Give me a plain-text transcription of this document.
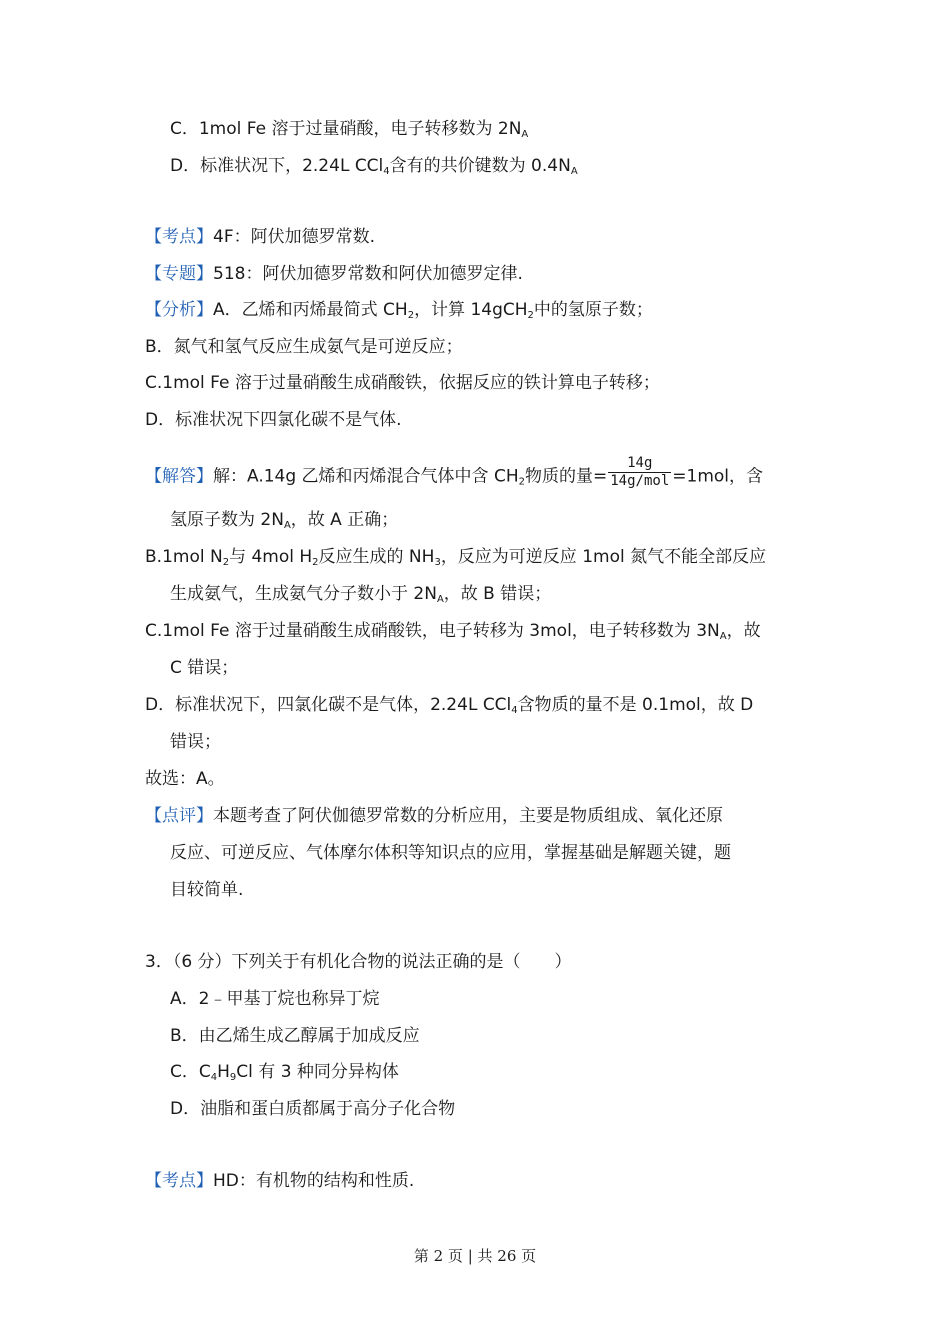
C．1mol Fe 溶于过量硝酸，电子转移数为 $2N_A$
D．标准状况下，2.24L CCl$_4$含有的共价键数为 $0.4N_A$
【考点】4F：阿伏加德罗常数.
【专题】518：阿伏加德罗常数和阿伏加德罗定律.
【分析】A．乙烯和丙烯最简式 $CH_2$，计算 14gCH$_2$中的氢原子数；
B．氮气和氢气反应生成氨气是可逆反应；
C.1mol Fe 溶于过量硝酸生成硝酸铁，依据反应的铁计算电子转移；
D．标准状况下四氯化碳不是气体.
【解答】解：A.14g 乙烯和丙烯混合气体中含 $CH_2$物质的量= $\frac{14g}{\text{14g/mol}} =1mol$，含
氢原子数为 $2N_A$，故 A 正确；
B.1mol $N_2$与 4mol $H_2$反应生成的 $NH_3$，反应为可逆反应 1mol 氮气不能全部反应
生成氨气，生成氨气分子数小于 $2N_A$，故 B 错误；
C.1mol Fe 溶于过量硝酸生成硝酸铁，电子转移为 3mol，电子转移数为 $3N_A$，故
C 错误；
D．标准状况下，四氯化碳不是气体，2.24L CCl$_4$含物质的量不是 0.1mol，故 D
错误；
故选：A。
【点评】本题考查了阿伏伽德罗常数的分析应用，主要是物质组成、氧化还原
反应、可逆反应、气体摩尔体积等知识点的应用，掌握基础是解题关键，题
目较简单.
3．（6 分）下列关于有机化合物的说法正确的是（　　）
A．2﹣甲基丁烷也称异丁烷
B．由乙烯生成乙醇属于加成反应
C．$C_4H_9Cl$ 有 3 种同分异构体
D．油脂和蛋白质都属于高分子化合物
【考点】HD：有机物的结构和性质.
第 2 页 | 共 26 页
